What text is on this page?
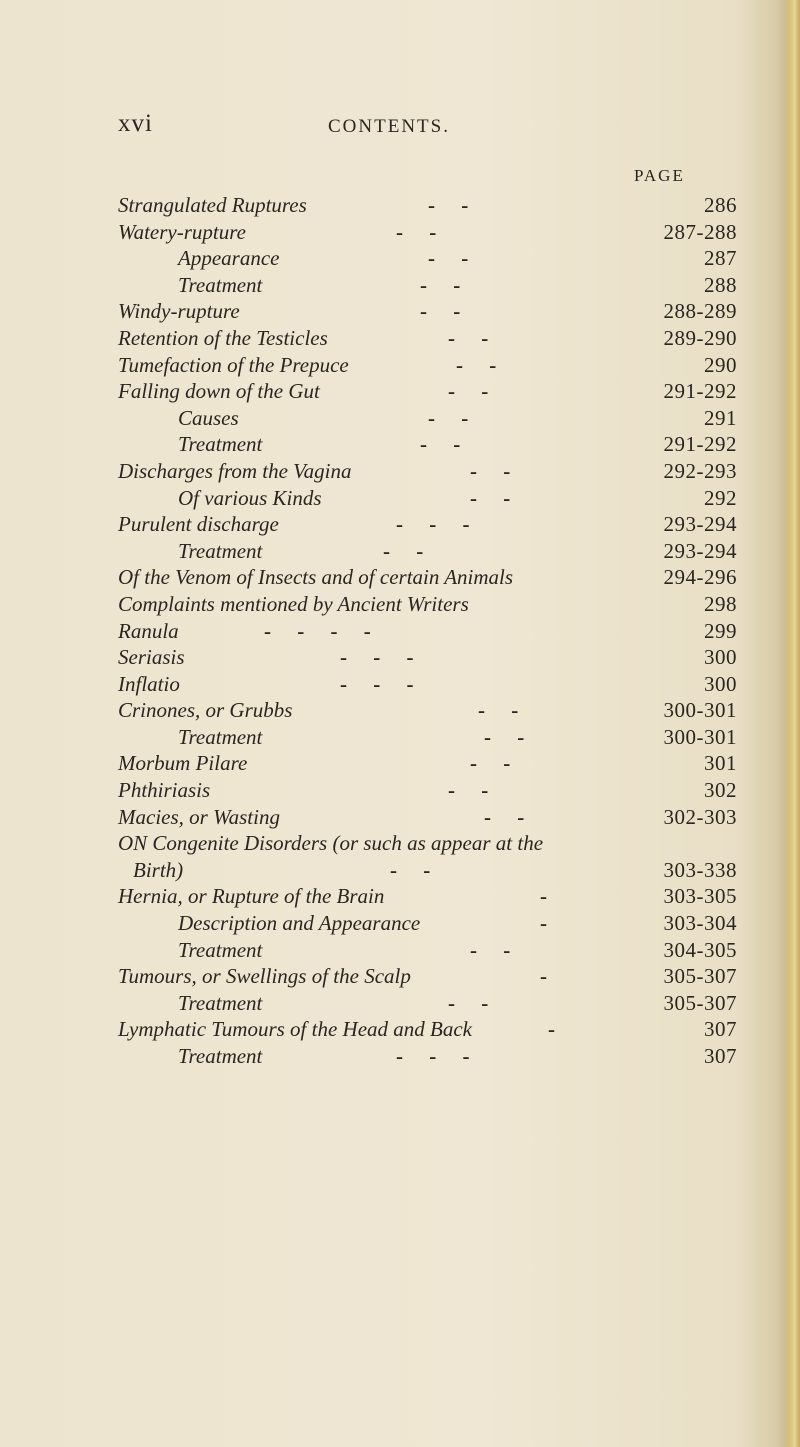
xvi	CONTENTS.
PAGE
Strangulated Ruptures	-     -	286
Watery-rupture	-     -	287-288
Appearance	-     -	287
Treatment	-     -	288
Windy-rupture	-     -	288-289
Retention of the Testicles	-     -	289-290
Tumefaction of the Prepuce	-     -	290
Falling down of the Gut	-     -	291-292
Causes	-     -	291
Treatment	-     -	291-292
Discharges from the Vagina	-     -	292-293
Of various Kinds	-     -	292
Purulent discharge	-     -     -	293-294
Treatment	-     -	293-294
Of the Venom of Insects and of certain Animals	294-296
Complaints mentioned by Ancient Writers	298
Ranula	-     -     -     -	299
Seriasis	-     -     -	300
Inflatio	-     -     -	300
Crinones, or Grubbs	-     -	300-301
Treatment	-     -	300-301
Morbum Pilare	-     -	301
Phthiriasis	-     -	302
Macies, or Wasting	-     -	302-303
ON Congenite Disorders (or such as appear at the
Birth)	-     -	303-338
Hernia, or Rupture of the Brain	-	303-305
Description and Appearance	-	303-304
Treatment	-     -	304-305
Tumours, or Swellings of the Scalp	-	305-307
Treatment	-     -	305-307
Lymphatic Tumours of the Head and Back	-	307
Treatment	-     -     -	307
